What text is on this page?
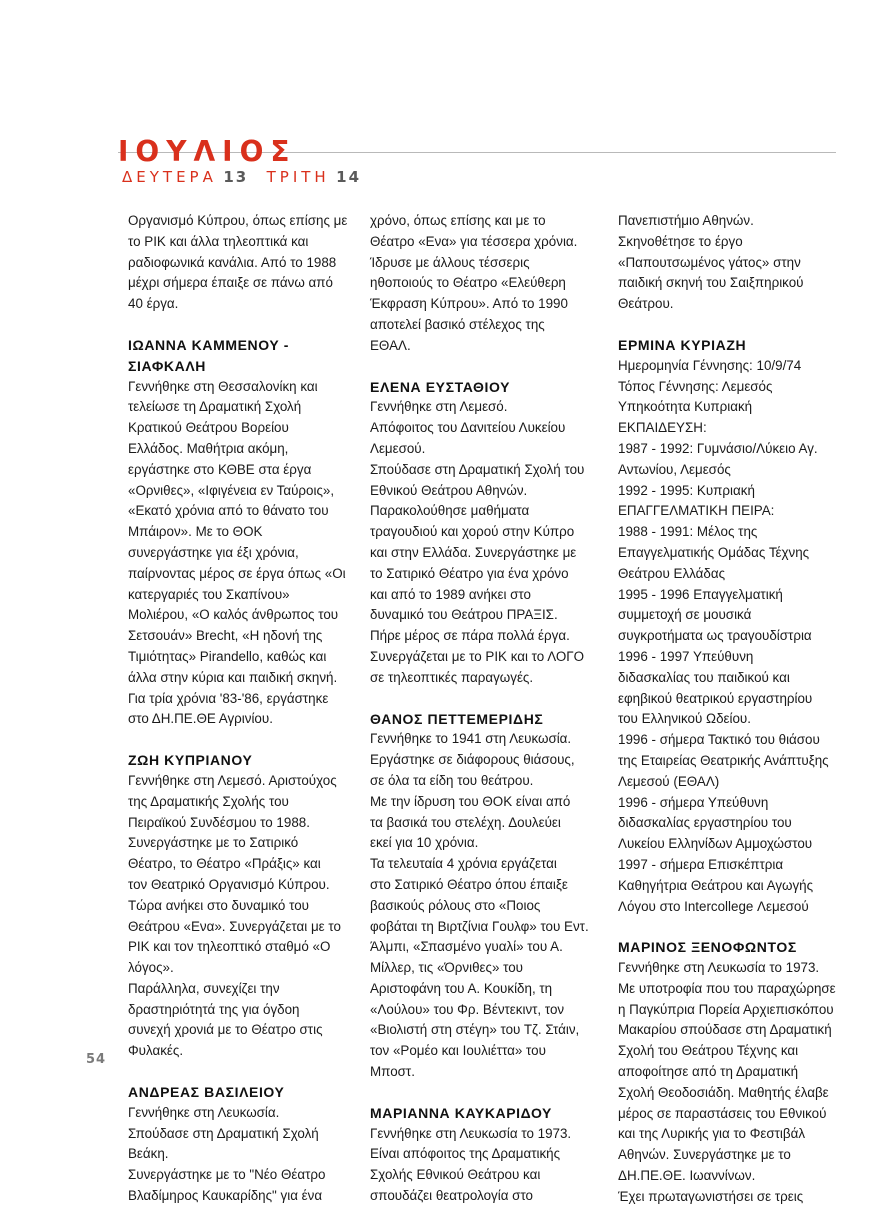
ΙΟΥΛΙΟΣ
ΔΕΥΤΕΡΑ 13 ΤΡΙΤΗ 14
Οργανισμό Κύπρου, όπως επίσης με
το ΡΙΚ και άλλα τηλεοπτικά και
ραδιοφωνικά κανάλια. Από το 1988
μέχρι σήμερα έπαιξε σε πάνω από
40 έργα.
ΙΩΑΝΝΑ ΚΑΜΜΕΝΟΥ -
ΣΙΑΦΚΑΛΗ
Γεννήθηκε στη Θεσσαλονίκη και
τελείωσε τη Δραματική Σχολή
Κρατικού Θεάτρου Βορείου
Ελλάδος. Μαθήτρια ακόμη,
εργάστηκε στο ΚΘΒΕ στα έργα
«Ορνιθες», «Ιφιγένεια εν Ταύροις»,
«Εκατό χρόνια από το θάνατο του
Μπάιρον». Με το ΘΟΚ
συνεργάστηκε για έξι χρόνια,
παίρνοντας μέρος σε έργα όπως «Οι
κατεργαριές του Σκαπίνου»
Μολιέρου, «Ο καλός άνθρωπος του
Σετσουάν» Brecht, «Η ηδονή της
Τιμιότητας» Pirandello, καθώς και
άλλα στην κύρια και παιδική σκηνή.
Για τρία χρόνια '83-'86, εργάστηκε
στο ΔΗ.ΠΕ.ΘΕ Αγρινίου.
ΖΩΗ ΚΥΠΡΙΑΝΟΥ
Γεννήθηκε στη Λεμεσό. Αριστούχος
της Δραματικής Σχολής του
Πειραϊκού Συνδέσμου το 1988.
Συνεργάστηκε με το Σατιρικό
Θέατρο, το Θέατρο «Πράξις» και
τον Θεατρικό Οργανισμό Κύπρου.
Τώρα ανήκει στο δυναμικό του
Θεάτρου «Ενα». Συνεργάζεται με το
ΡΙΚ και τον τηλεοπτικό σταθμό «Ο
λόγος».
Παράλληλα, συνεχίζει την
δραστηριότητά της για όγδοη
συνεχή χρονιά με το Θέατρο στις
Φυλακές.
ΑΝΔΡΕΑΣ ΒΑΣΙΛΕΙΟΥ
Γεννήθηκε στη Λευκωσία.
Σπούδασε στη Δραματική Σχολή
Βεάκη.
Συνεργάστηκε με το "Νέο Θέατρο
Βλαδίμηρος Καυκαρίδης" για ένα
χρόνο, όπως επίσης και με το
Θέατρο «Ενα» για τέσσερα χρόνια.
Ίδρυσε με άλλους τέσσερις
ηθοποιούς το Θέατρο «Ελεύθερη
Έκφραση Κύπρου». Από το 1990
αποτελεί βασικό στέλεχος της
ΕΘΑΛ.
ΕΛΕΝΑ ΕΥΣΤΑΘΙΟΥ
Γεννήθηκε στη Λεμεσό.
Απόφοιτος του Δανιτείου Λυκείου
Λεμεσού.
Σπούδασε στη Δραματική Σχολή του
Εθνικού Θεάτρου Αθηνών.
Παρακολούθησε μαθήματα
τραγουδιού και χορού στην Κύπρο
και στην Ελλάδα. Συνεργάστηκε με
το Σατιρικό Θέατρο για ένα χρόνο
και από το 1989 ανήκει στο
δυναμικό του Θεάτρου ΠΡΑΞΙΣ.
Πήρε μέρος σε πάρα πολλά έργα.
Συνεργάζεται με το ΡΙΚ και το ΛΟΓΟ
σε τηλεοπτικές παραγωγές.
ΘΑΝΟΣ ΠΕΤΤΕΜΕΡΙΔΗΣ
Γεννήθηκε το 1941 στη Λευκωσία.
Εργάστηκε σε διάφορους θιάσους,
σε όλα τα είδη του θεάτρου.
Με την ίδρυση του ΘΟΚ είναι από
τα βασικά του στελέχη. Δουλεύει
εκεί για 10 χρόνια.
Τα τελευταία 4 χρόνια εργάζεται
στο Σατιρικό Θέατρο όπου έπαιξε
βασικούς ρόλους στο «Ποιος
φοβάται τη Βιρτζίνια Γουλφ» του Εντ.
Άλμπι, «Σπασμένο γυαλί» του Α.
Μίλλερ, τις «Όρνιθες» του
Αριστοφάνη του Α. Κουκίδη, τη
«Λούλου» του Φρ. Βέντεκιντ, τον
«Βιολιστή στη στέγη» του Τζ. Στάιν,
τον «Ρομέο και Ιουλιέττα» του
Μποστ.
ΜΑΡΙΑΝΝΑ ΚΑΥΚΑΡΙΔΟΥ
Γεννήθηκε στη Λευκωσία το 1973.
Είναι απόφοιτος της Δραματικής
Σχολής Εθνικού Θεάτρου και
σπουδάζει θεατρολογία στο
Πανεπιστήμιο Αθηνών.
Σκηνοθέτησε το έργο
«Παπουτσωμένος γάτος» στην
παιδική σκηνή του Σαιξπηρικού
Θεάτρου.
ΕΡΜΙΝΑ ΚΥΡΙΑΖΗ
Ημερομηνία Γέννησης: 10/9/74
Τόπος Γέννησης: Λεμεσός
Υπηκοότητα Κυπριακή
ΕΚΠΑΙΔΕΥΣΗ:
1987 - 1992: Γυμνάσιο/Λύκειο Αγ.
Αντωνίου, Λεμεσός
1992 - 1995: Κυπριακή
ΕΠΑΓΓΕΛΜΑΤΙΚΗ ΠΕΙΡΑ:
1988 - 1991: Μέλος της
Επαγγελματικής Ομάδας Τέχνης
Θεάτρου Ελλάδας
1995 - 1996 Επαγγελματική
συμμετοχή σε μουσικά
συγκροτήματα ως τραγουδίστρια
1996 - 1997 Υπεύθυνη
διδασκαλίας του παιδικού και
εφηβικού θεατρικού εργαστηρίου
του Ελληνικού Ωδείου.
1996 - σήμερα Τακτικό του θιάσου
της Εταιρείας Θεατρικής Ανάπτυξης
Λεμεσού (ΕΘΑΛ)
1996 - σήμερα Υπεύθυνη
διδασκαλίας εργαστηρίου του
Λυκείου Ελληνίδων Αμμοχώστου
1997 - σήμερα Επισκέπτρια
Καθηγήτρια Θεάτρου και Αγωγής
Λόγου στο Intercollege Λεμεσού
ΜΑΡΙΝΟΣ ΞΕΝΟΦΩΝΤΟΣ
Γεννήθηκε στη Λευκωσία το 1973.
Με υποτροφία που του παραχώρησε
η Παγκύπρια Πορεία Αρχιεπισκόπου
Μακαρίου σπούδασε στη Δραματική
Σχολή του Θεάτρου Τέχνης και
αποφοίτησε από τη Δραματική
Σχολή Θεοδοσιάδη. Μαθητής έλαβε
μέρος σε παραστάσεις του Εθνικού
και της Λυρικής για το Φεστιβάλ
Αθηνών. Συνεργάστηκε με το
ΔΗ.ΠΕ.ΘΕ. Ιωαννίνων.
Έχει πρωταγωνιστήσει σε τρεις
54
